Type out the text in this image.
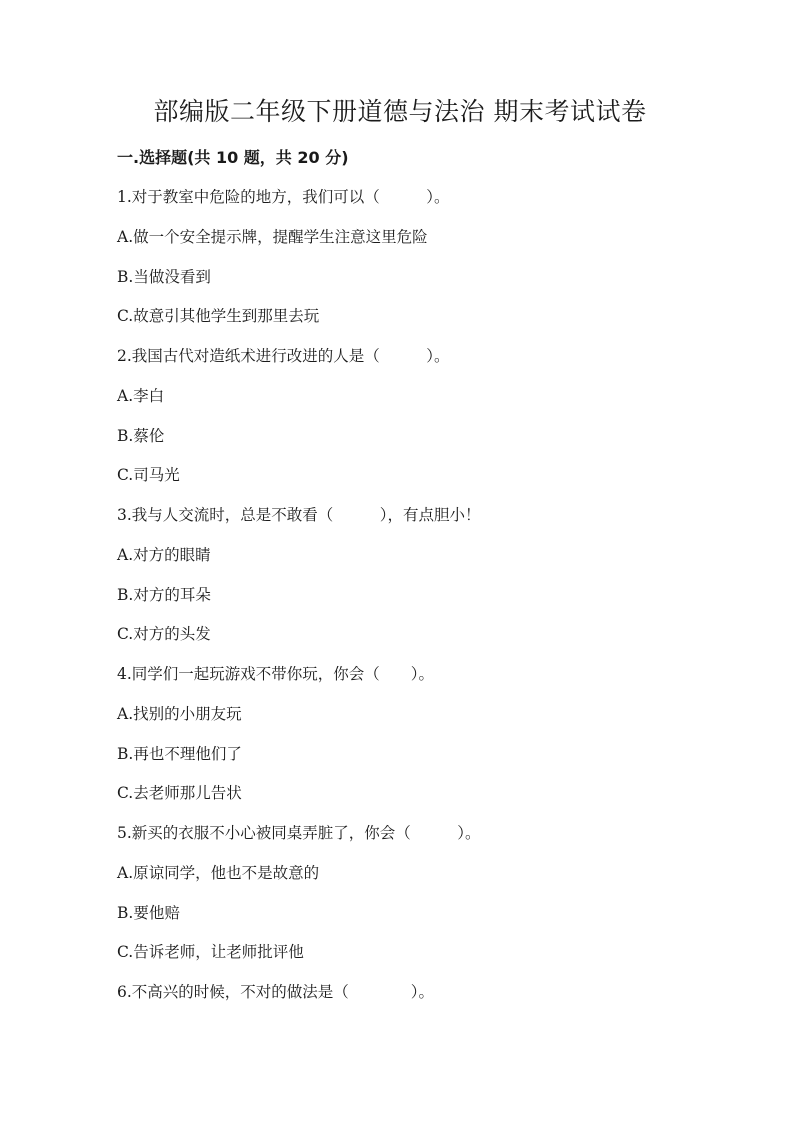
部编版二年级下册道德与法治 期末考试试卷
一.选择题(共 10 题，共 20 分)
1.对于教室中危险的地方，我们可以（　　　）。
A.做一个安全提示牌，提醒学生注意这里危险
B.当做没看到
C.故意引其他学生到那里去玩
2.我国古代对造纸术进行改进的人是（　　　）。
A.李白
B.蔡伦
C.司马光
3.我与人交流时，总是不敢看（　　　），有点胆小！
A.对方的眼睛
B.对方的耳朵
C.对方的头发
4.同学们一起玩游戏不带你玩，你会（　　）。
A.找别的小朋友玩
B.再也不理他们了
C.去老师那儿告状
5.新买的衣服不小心被同桌弄脏了，你会（　　　）。
A.原谅同学，他也不是故意的
B.要他赔
C.告诉老师，让老师批评他
6.不高兴的时候，不对的做法是（　　　　）。
